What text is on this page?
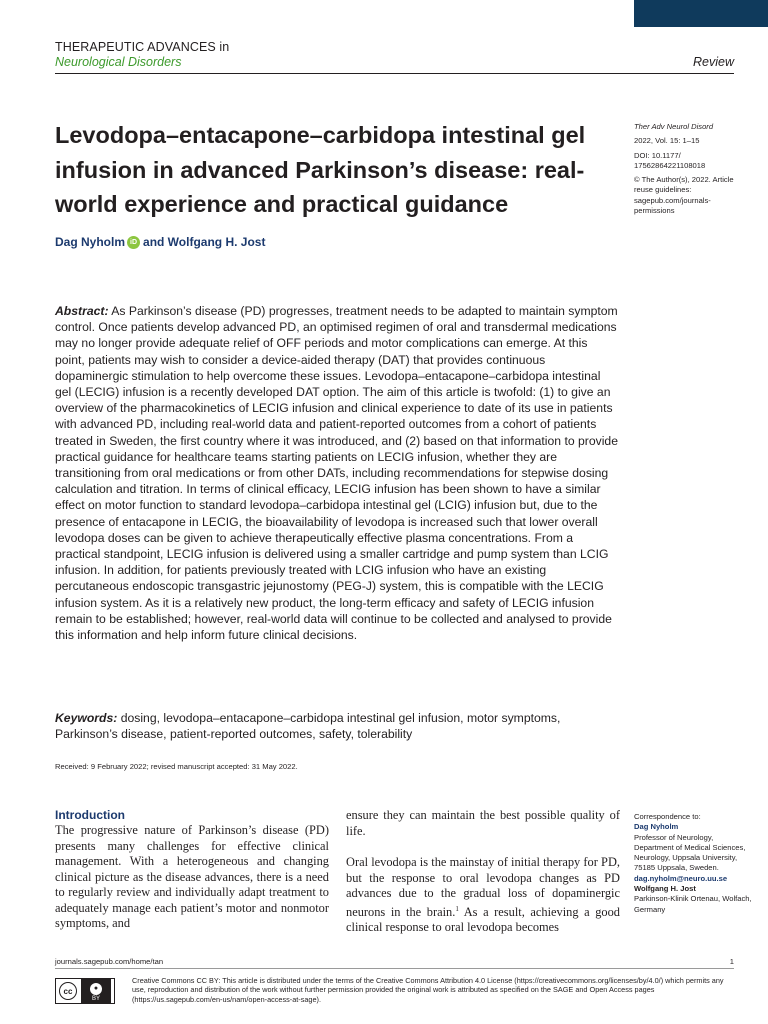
THERAPEUTIC ADVANCES in
Neurological Disorders	Review
Levodopa–entacapone–carbidopa intestinal gel infusion in advanced Parkinson’s disease: real-world experience and practical guidance
Dag Nyholm iD and Wolfgang H. Jost

Ther Adv Neurol Disord

2022, Vol. 15: 1–15

DOI: 10.1177/ 17562864221108018

© The Author(s), 2022. Article reuse guidelines: sagepub.com/journals-permissions

Abstract: As Parkinson’s disease (PD) progresses, treatment needs to be adapted to maintain symptom control. Once patients develop advanced PD, an optimised regimen of oral and transdermal medications may no longer provide adequate relief of OFF periods and motor complications can emerge. At this point, patients may wish to consider a device-aided therapy (DAT) that provides continuous dopaminergic stimulation to help overcome these issues. Levodopa–entacapone–carbidopa intestinal gel (LECIG) infusion is a recently developed DAT option. The aim of this article is twofold: (1) to give an overview of the pharmacokinetics of LECIG infusion and clinical experience to date of its use in patients with advanced PD, including real-world data and patient-reported outcomes from a cohort of patients treated in Sweden, the first country where it was introduced, and (2) based on that information to provide practical guidance for healthcare teams starting patients on LECIG infusion, whether they are transitioning from oral medications or from other DATs, including recommendations for stepwise dosing calculation and titration. In terms of clinical efficacy, LECIG infusion has been shown to have a similar effect on motor function to standard levodopa–carbidopa intestinal gel (LCIG) infusion but, due to the presence of entacapone in LECIG, the bioavailability of levodopa is increased such that lower overall levodopa doses can be given to achieve therapeutically effective plasma concentrations. From a practical standpoint, LECIG infusion is delivered using a smaller cartridge and pump system than LCIG infusion. In addition, for patients previously treated with LCIG infusion who have an existing percutaneous endoscopic transgastric jejunostomy (PEG-J) system, this is compatible with the LECIG infusion system. As it is a relatively new product, the long-term efficacy and safety of LECIG infusion remain to be established; however, real-world data will continue to be collected and analysed to provide this information and help inform future clinical decisions.

Keywords: dosing, levodopa–entacapone–carbidopa intestinal gel infusion, motor symptoms, Parkinson’s disease, patient-reported outcomes, safety, tolerability

Received: 9 February 2022; revised manuscript accepted: 31 May 2022.
Introduction

The progressive nature of Parkinson’s disease (PD) presents many challenges for effective clinical management. With a heterogeneous and changing clinical picture as the disease advances, there is a need to regularly review and individually adapt treatment to adequately manage each patient’s motor and nonmotor symptoms, and

ensure they can maintain the best possible quality of life.

Oral levodopa is the mainstay of initial therapy for PD, but the response to oral levodopa changes as PD advances due to the gradual loss of dopaminergic neurons in the brain.$^1$ As a result, achieving a good clinical response to oral levodopa becomes

Correspondence to:

Dag Nyholm

Professor of Neurology, Department of Medical Sciences, Neurology, Uppsala University, 75185 Uppsala, Sweden.

dag.nyholm@neuro.uu.se

Wolfgang H. Jost

Parkinson-Klinik Ortenau, Wolfach, Germany

journals.sagepub.com/home/tan	1
cc	●
BY

Creative Commons CC BY: This article is distributed under the terms of the Creative Commons Attribution 4.0 License (https://creativecommons.org/licenses/by/4.0/) which permits any use, reproduction and distribution of the work without further permission provided the original work is attributed as specified on the SAGE and Open Access pages (https://us.sagepub.com/en-us/nam/open-access-at-sage).
